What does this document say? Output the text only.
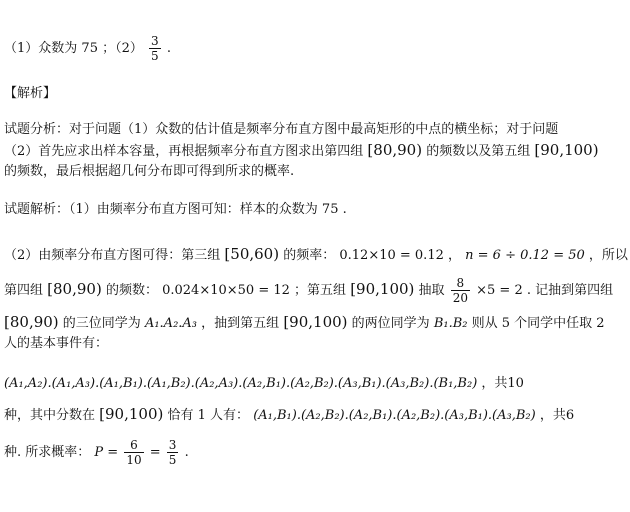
（1）众数为 75 ；$(2) \frac{3}{5}$ .
【解析】
试题分析：对于问题（1）众数的估计值是频率分布直方图中最高矩形的中点的横坐标；对于问题
（2）首先应求出样本容量，再根据频率分布直方图求出第四组 [80,90) 的频数以及第五组 [90,100)
的频数，最后根据超几何分布即可得到所求的概率.
试题解析：（1）由频率分布直方图可知：样本的众数为 75 .
（2）由频率分布直方图可得：第三组 [50,60) 的频率： 0.12×10 = 0.12 ， n = 6 ÷ 0.12 = 50 ，所以
第四组 [80,90) 的频数： 0.024×10×50 = 12 ；第五组 [90,100) 抽取 $\frac{8}{20} \times 5 = 2$ . 记抽到第四组
[80,90) 的三位同学为 A₁.A₂.A₃ ，抽到第五组 [90,100) 的两位同学为 B₁.B₂ 则从 5 个同学中任取 2
人的基本事件有：
(A₁,A₂).(A₁,A₃).(A₁,B₁).(A₁,B₂).(A₂,A₃).(A₂,B₁).(A₂,B₂).(A₃,B₁).(A₃,B₂).(B₁,B₂) ，共10
种，其中分数在 [90,100) 恰有 1 人有： (A₁,B₁).(A₂,B₂).(A₂,B₁).(A₂,B₂).(A₃,B₁).(A₃,B₂) ，共6
种. 所求概率： $P = \frac{6}{10} = \frac{3}{5}$ .
